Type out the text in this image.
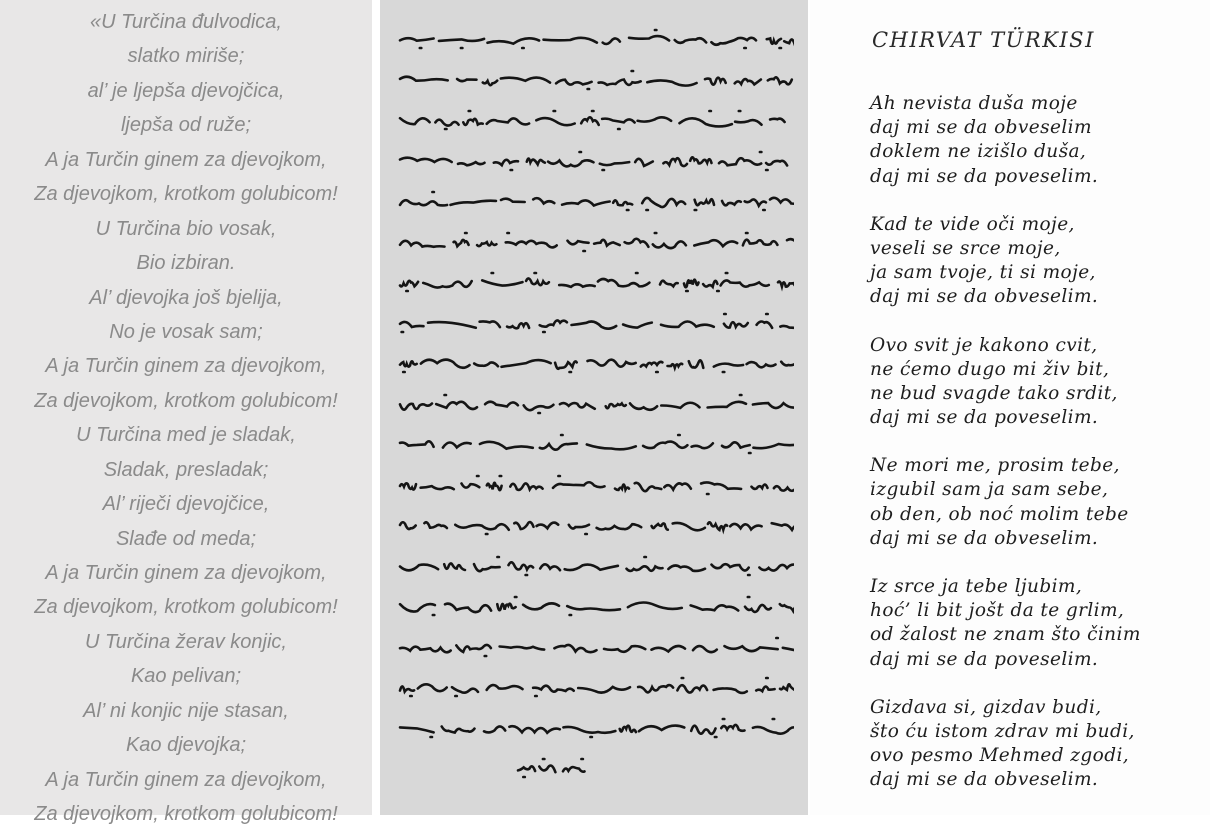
«U Turčina đulvodica,
slatko miriše;
al’ je ljepša djevojčica,
ljepša od ruže;
A ja Turčin ginem za djevojkom,
Za djevojkom, krotkom golubicom!
U Turčina bio vosak,
Bio izbiran.
Al’ djevojka još bjelija,
No je vosak sam;
A ja Turčin ginem za djevojkom,
Za djevojkom, krotkom golubicom!
U Turčina med je sladak,
Sladak, presladak;
Al’ riječi djevojčice,
Slađe od meda;
A ja Turčin ginem za djevojkom,
Za djevojkom, krotkom golubicom!
U Turčina žerav konjic,
Kao pelivan;
Al’ ni konjic nije stasan,
Kao djevojka;
A ja Turčin ginem za djevojkom,
Za djevojkom, krotkom golubicom!
CHIRVAT TÜRKISI
Ah nevista duša moje
daj mi se da obveselim
doklem ne izišlo duša,
daj mi se da poveselim.
Kad te vide oči moje,
veseli se srce moje,
ja sam tvoje, ti si moje,
daj mi se da obveselim.
Ovo svit je kakono cvit,
ne ćemo dugo mi živ bit,
ne bud svagde tako srdit,
daj mi se da poveselim.
Ne mori me, prosim tebe,
izgubil sam ja sam sebe,
ob den, ob noć molim tebe
daj mi se da obveselim.
Iz srce ja tebe ljubim,
hoć’ li bit jošt da te grlim,
od žalost ne znam što činim
daj mi se da poveselim.
Gizdava si, gizdav budi,
što ću istom zdrav mi budi,
ovo pesmo Mehmed zgodi,
daj mi se da obveselim.
